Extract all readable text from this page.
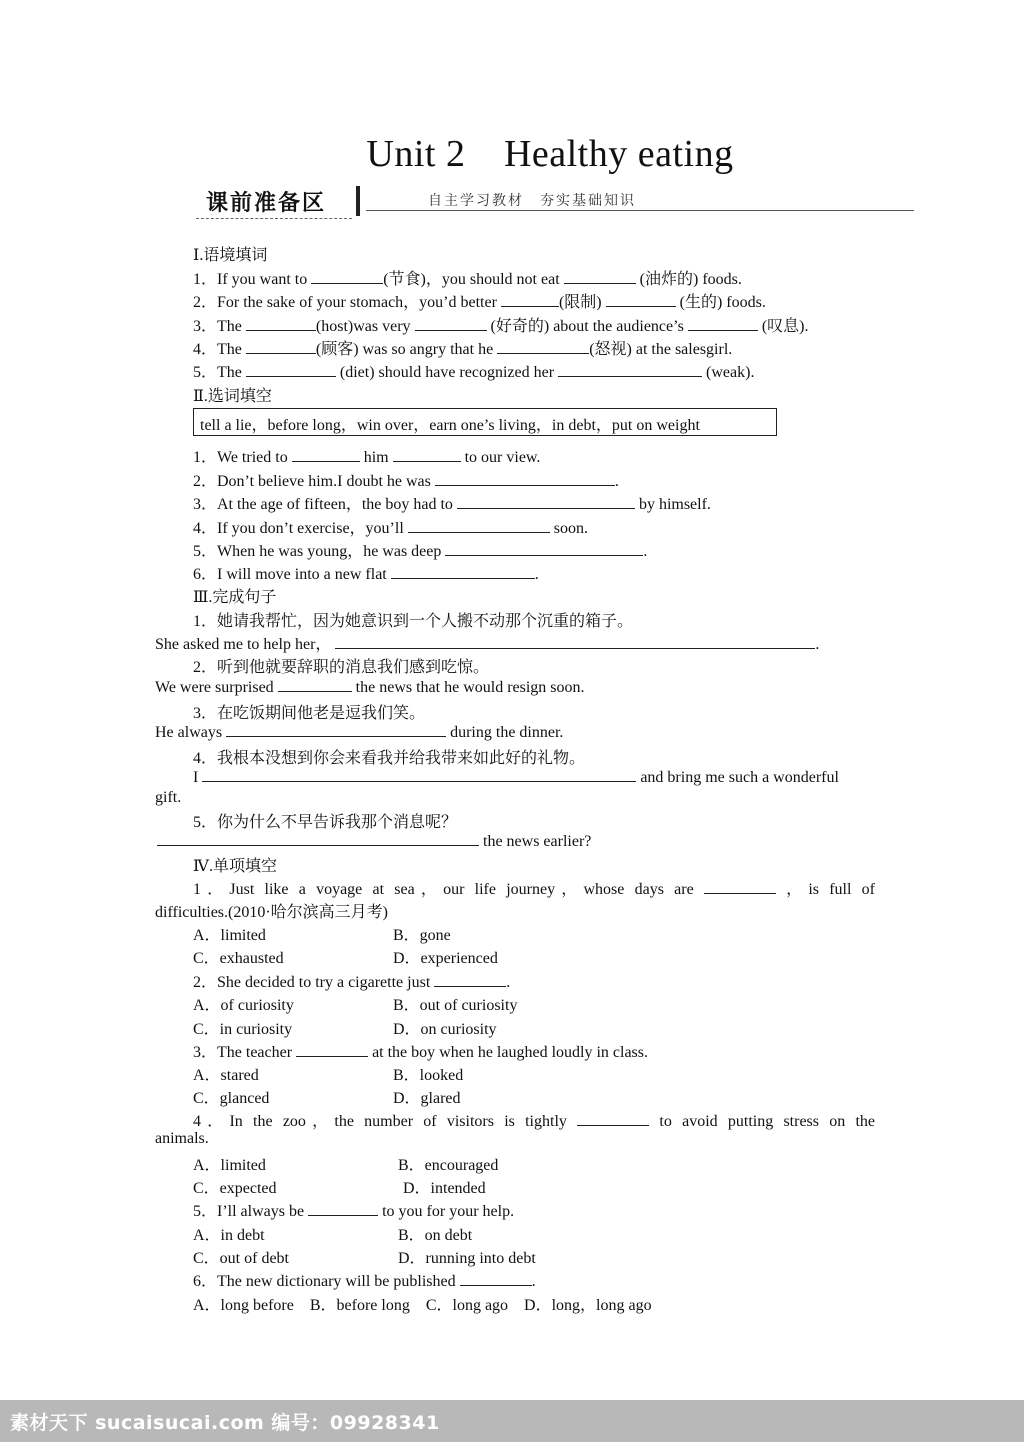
Unit 2　Healthy eating
课前准备区	自主学习教材　夯实基础知识
Ⅰ.语境填词
1．If you want to	(节食)，you should not eat	(油炸的) foods.
2．For the sake of your stomach，you’d better	(限制)	(生的) foods.
3．The	(host)was very	(好奇的) about the audience’s	(叹息).
4．The	(顾客) was so angry that he	(怒视) at the salesgirl.
5．The	(diet) should have recognized her	(weak).
Ⅱ.选词填空
tell a lie，before long，win over，earn one’s living，in debt，put on weight
1．We tried to	him	to our view.
2．Don’t believe him.I doubt he was	.
3．At the age of fifteen，the boy had to	by himself.
4．If you don’t exercise，you’ll	soon.
5．When he was young，he was deep	.
6．I will move into a new flat	.
Ⅲ.完成句子
1．她请我帮忙，因为她意识到一个人搬不动那个沉重的箱子。
She asked me to help her，	.
2．听到他就要辞职的消息我们感到吃惊。
We were surprised	the news that he would resign soon.
3．在吃饭期间他老是逗我们笑。
He always	during the dinner.
4．我根本没想到你会来看我并给我带来如此好的礼物。
I	and bring me such a wonderful
gift.
5．你为什么不早告诉我那个消息呢？
the news earlier?
Ⅳ.单项填空
1．Just like a voyage at sea，our life journey，whose days are	，is full of
difficulties.(2010·哈尔滨高三月考)
A．limited	B．gone
C．exhausted	D．experienced
2．She decided to try a cigarette just	.
A．of curiosity	B．out of curiosity
C．in curiosity	D．on curiosity
3．The teacher	at the boy when he laughed loudly in class.
A．stared	B．looked
C．glanced	D．glared
4．In the zoo，the number of visitors is tightly	to avoid putting stress on the
animals.
A．limited	B．encouraged
C．expected	D．intended
5．I’ll always be	to you for your help.
A．in debt	B．on debt
C．out of debt	D．running into debt
6．The new dictionary will be published	.
A．long before　B．before long　C．long ago　D．long，long ago
素材天下 sucaisucai.com 编号：09928341
